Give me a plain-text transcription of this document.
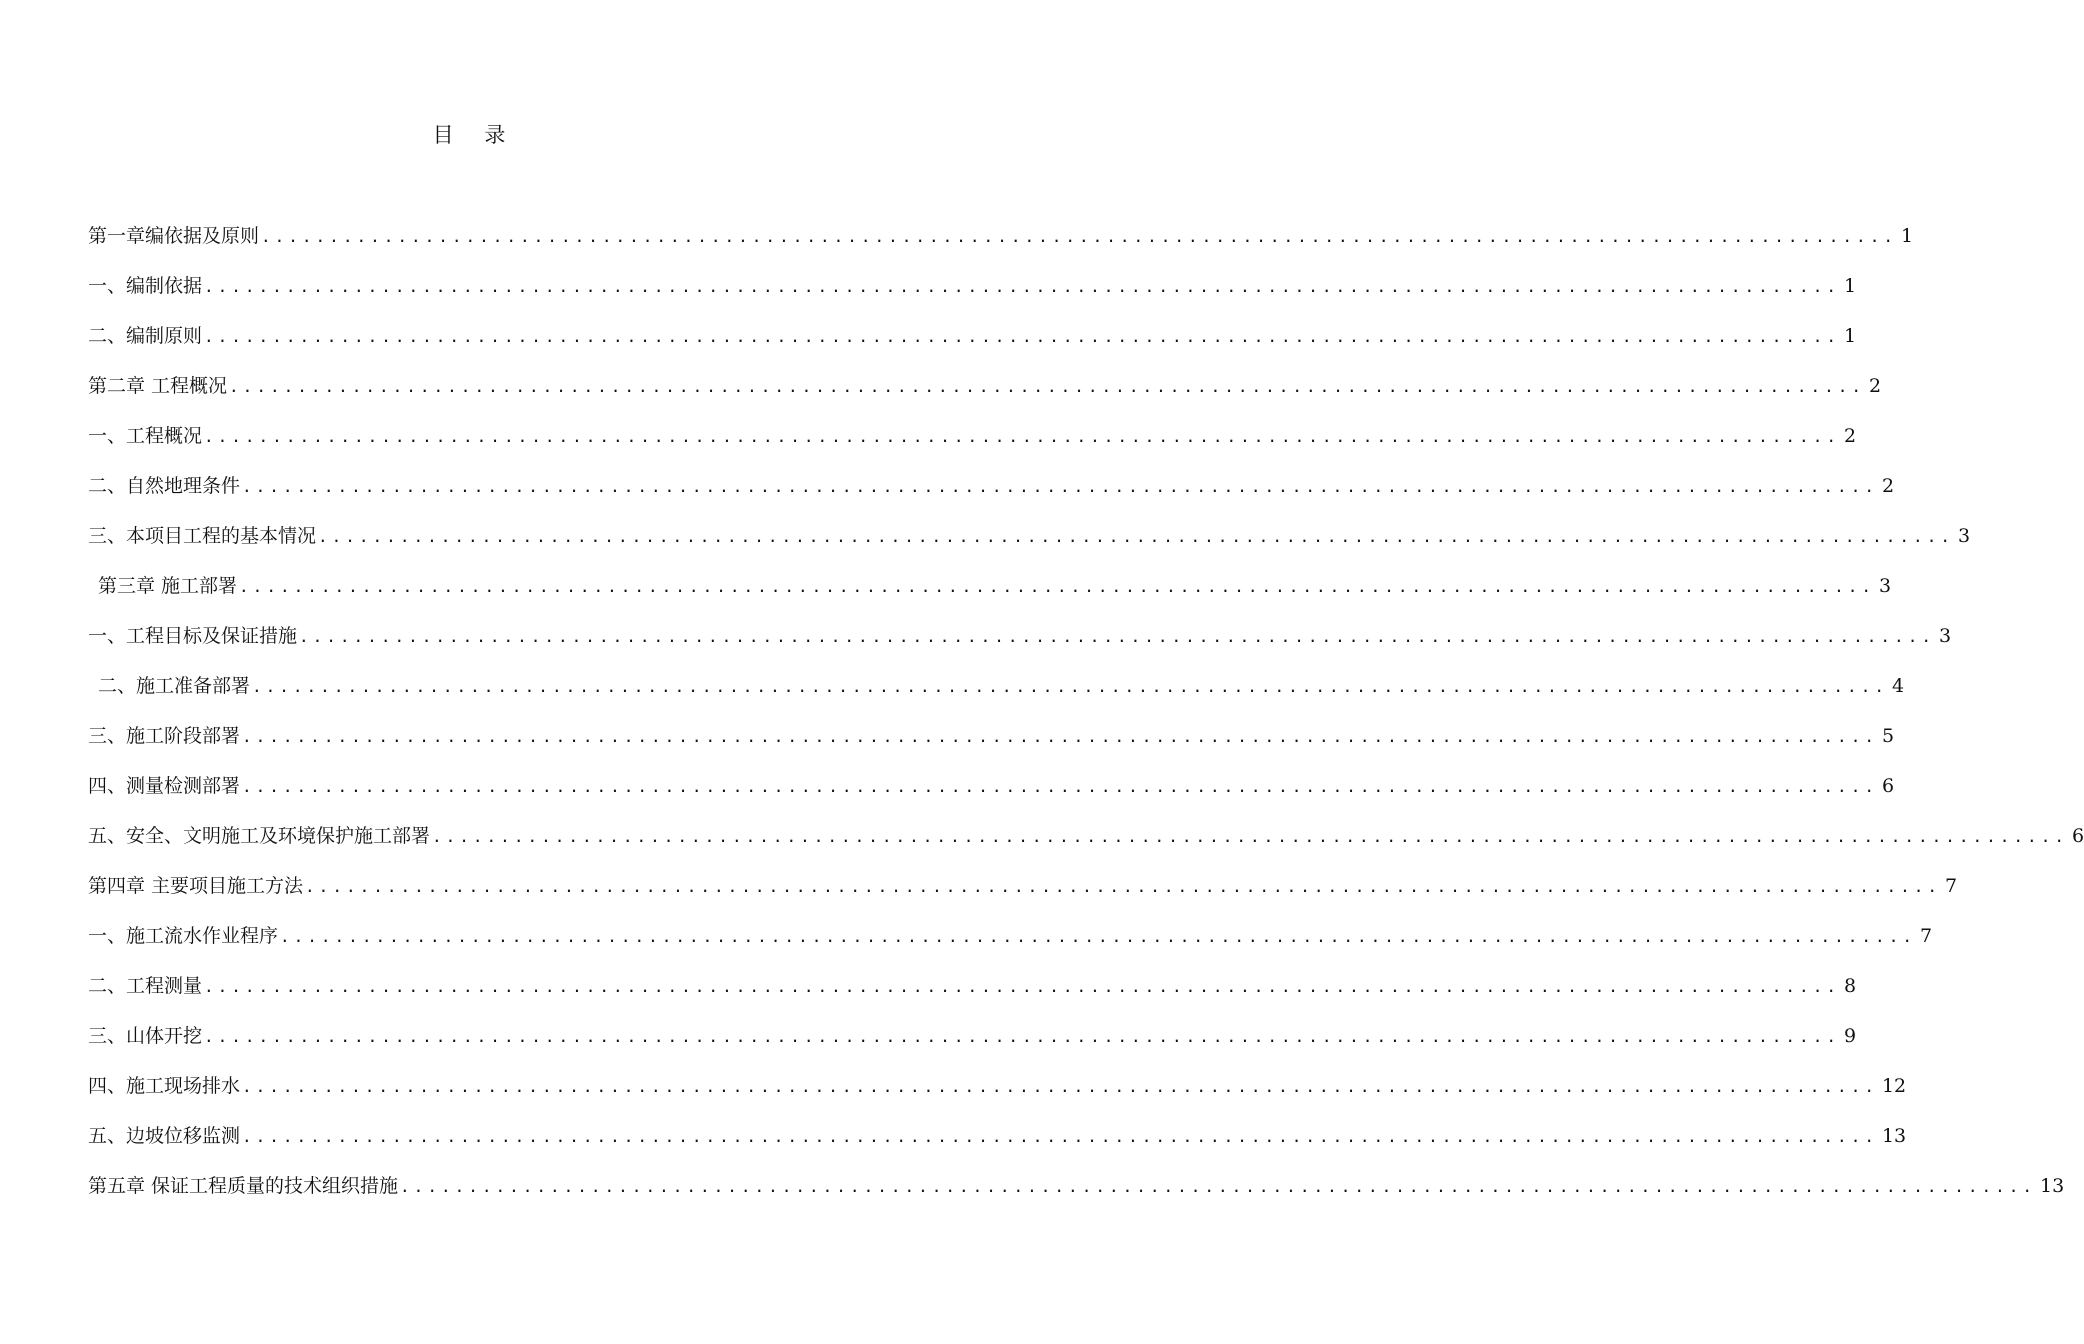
目 录
第一章编依据及原则 ........................................................................................................................ 1
一、编制依据 ........................................................................................................................ 1
二、编制原则 ........................................................................................................................ 1
第二章 工程概况 ........................................................................................................................ 2
一、工程概况 ........................................................................................................................ 2
二、自然地理条件 ........................................................................................................................ 2
三、本项目工程的基本情况 ........................................................................................................................ 3
第三章 施工部署 ........................................................................................................................ 3
一、工程目标及保证措施 ........................................................................................................................ 3
二、施工准备部署 ........................................................................................................................ 4
三、施工阶段部署 ........................................................................................................................ 5
四、测量检测部署 ........................................................................................................................ 6
五、安全、文明施工及环境保护施工部署 ........................................................................................................................ 6
第四章 主要项目施工方法 ........................................................................................................................ 7
一、施工流水作业程序 ........................................................................................................................ 7
二、工程测量 ........................................................................................................................ 8
三、山体开挖 ........................................................................................................................ 9
四、施工现场排水 ........................................................................................................................ 12
五、边坡位移监测 ........................................................................................................................ 13
第五章 保证工程质量的技术组织措施 ........................................................................................................................ 13
